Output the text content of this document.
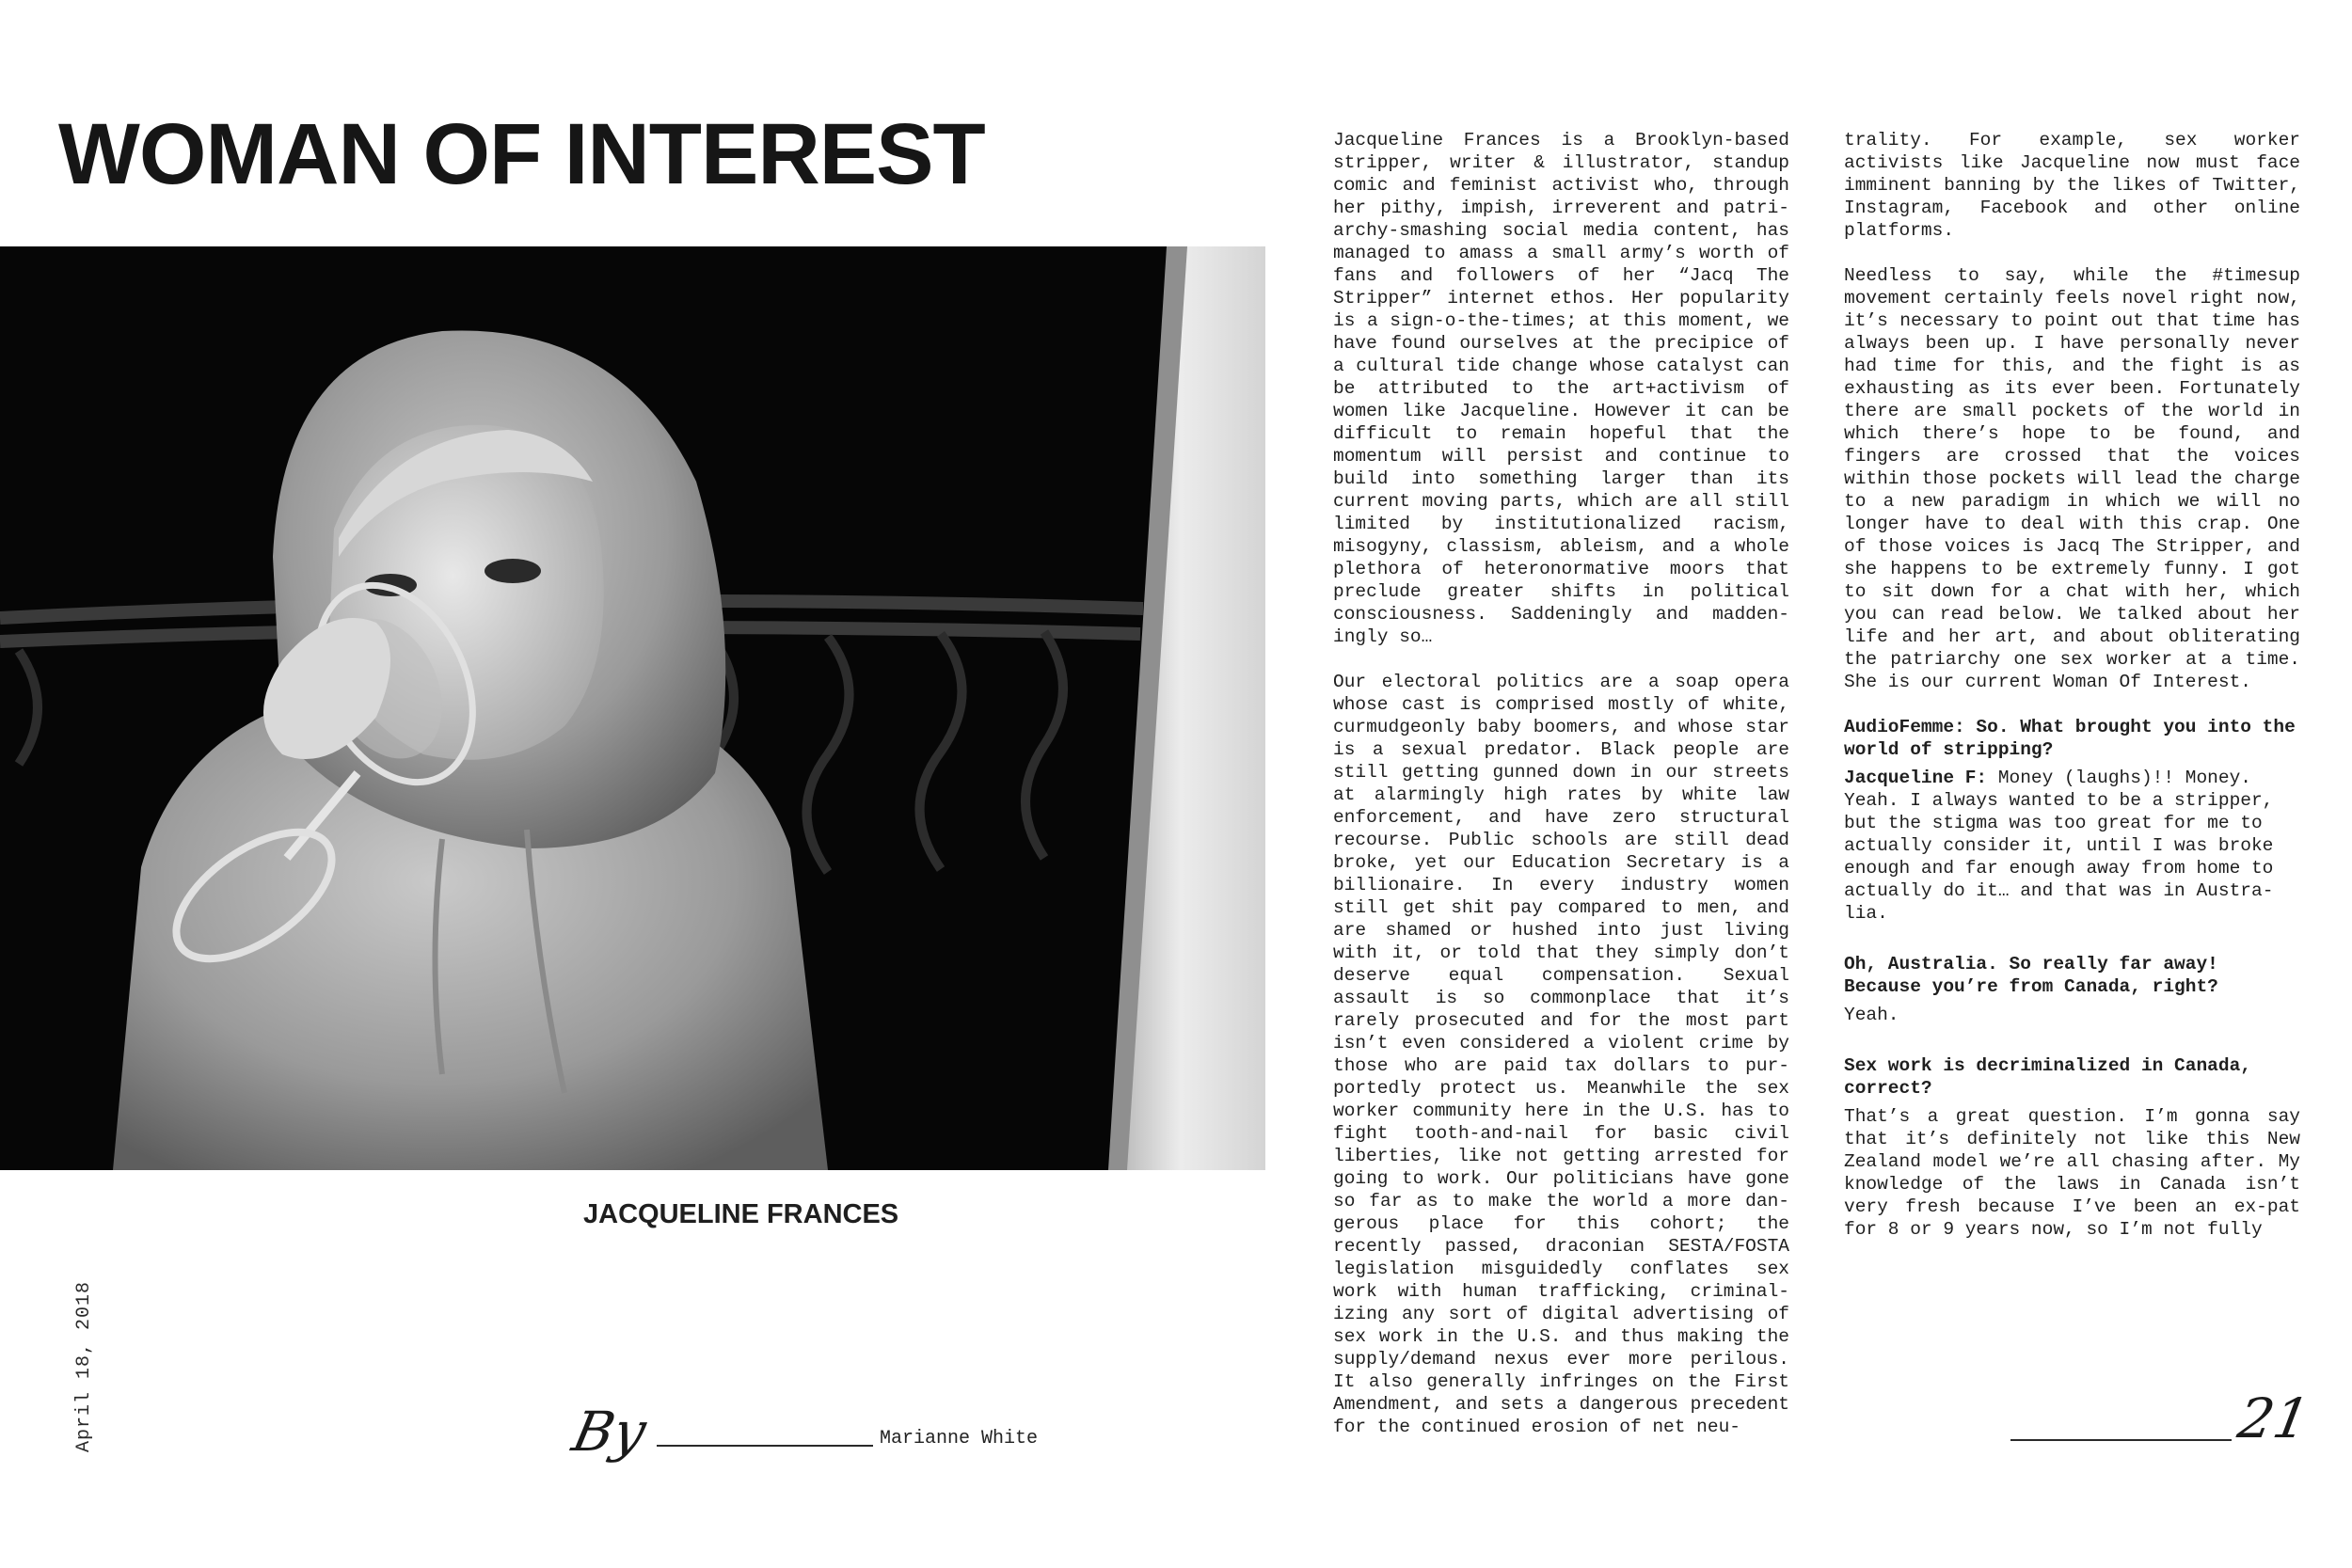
WOMAN OF INTEREST
JACQUELINE FRANCES
April 18, 2018	By	Marianne White

Jacqueline Frances is a Brooklyn-based stripper, writer & illustrator, standup comic and feminist activist who, through her pithy, impish, irreverent and patriarchy-smashing social media content, has managed to amass a small army’s worth of fans and followers of her “Jacq The Stripper” internet ethos. Her popularity is a sign-o-the-times; at this moment, we have found ourselves at the precipice of a cultural tide change whose catalyst can be attributed to the art+activism of women like Jacqueline. However it can be difficult to remain hopeful that the momentum will persist and continue to build into something larger than its current moving parts, which are all still limited by institutionalized racism, misogyny, classism, ableism, and a whole plethora of heteronormative moors that preclude greater shifts in political consciousness. Saddeningly and maddeningly so…

Our electoral politics are a soap opera whose cast is comprised mostly of white, curmudgeonly baby boomers, and whose star is a sexual predator. Black people are still getting gunned down in our streets at alarmingly high rates by white law enforcement, and have zero structural recourse. Public schools are still dead broke, yet our Education Secretary is a billionaire. In every industry women still get shit pay compared to men, and are shamed or hushed into just living with it, or told that they simply don’t deserve equal compensation. Sexual assault is so commonplace that it’s rarely prosecuted and for the most part isn’t even considered a violent crime by those who are paid tax dollars to purportedly protect us. Meanwhile the sex worker community here in the U.S. has to fight tooth-and-nail for basic civil liberties, like not getting arrested for going to work. Our politicians have gone so far as to make the world a more dangerous place for this cohort; the recently passed, draconian SESTA/FOSTA legislation misguidedly conflates sex work with human trafficking, criminalizing any sort of digital advertising of sex work in the U.S. and thus making the supply/demand nexus ever more perilous. It also generally infringes on the First Amendment, and sets a dangerous precedent for the continued erosion of net neu-

trality. For example, sex worker activists like Jacqueline now must face imminent banning by the likes of Twitter, Instagram, Facebook and other online platforms.

Needless to say, while the #timesup movement certainly feels novel right now, it’s necessary to point out that time has always been up. I have personally never had time for this, and the fight is as exhausting as its ever been. Fortunately there are small pockets of the world in which there’s hope to be found, and fingers are crossed that the voices within those pockets will lead the charge to a new paradigm in which we will no longer have to deal with this crap. One of those voices is Jacq The Stripper, and she happens to be extremely funny. I got to sit down for a chat with her, which you can read below. We talked about her life and her art, and about obliterating the patriarchy one sex worker at a time. She is our current Woman Of Interest.

AudioFemme: So. What brought you into the world of stripping?
Jacqueline F: Money (laughs)!! Money. Yeah. I always wanted to be a stripper, but the stigma was too great for me to actually consider it, until I was broke enough and far enough away from home to actually do it… and that was in Australia.
Oh, Australia. So really far away! Because you’re from Canada, right?
Yeah.
Sex work is decriminalized in Canada, correct?
That’s a great question. I’m gonna say that it’s definitely not like this New Zealand model we’re all chasing after. My knowledge of the laws in Canada isn’t very fresh because I’ve been an ex-pat for 8 or 9 years now, so I’m not fully
21
